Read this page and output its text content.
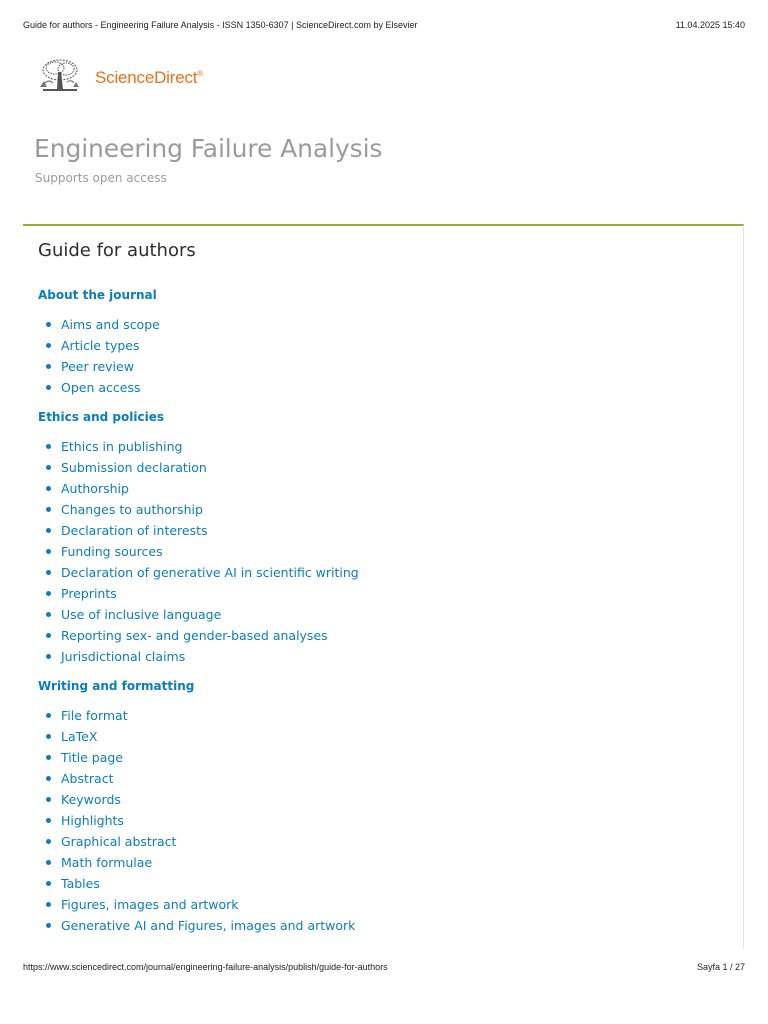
Guide for authors - Engineering Failure Analysis - ISSN 1350-6307 | ScienceDirect.com by Elsevier	11.04.2025 15:40
ScienceDirect®
Engineering Failure Analysis
Supports open access
Guide for authors
About the journal
Aims and scope
Article types
Peer review
Open access
Ethics and policies
Ethics in publishing
Submission declaration
Authorship
Changes to authorship
Declaration of interests
Funding sources
Declaration of generative AI in scientific writing
Preprints
Use of inclusive language
Reporting sex- and gender-based analyses
Jurisdictional claims
Writing and formatting
File format
LaTeX
Title page
Abstract
Keywords
Highlights
Graphical abstract
Math formulae
Tables
Figures, images and artwork
Generative AI and Figures, images and artwork
https://www.sciencedirect.com/journal/engineering-failure-analysis/publish/guide-for-authors	Sayfa 1 / 27
